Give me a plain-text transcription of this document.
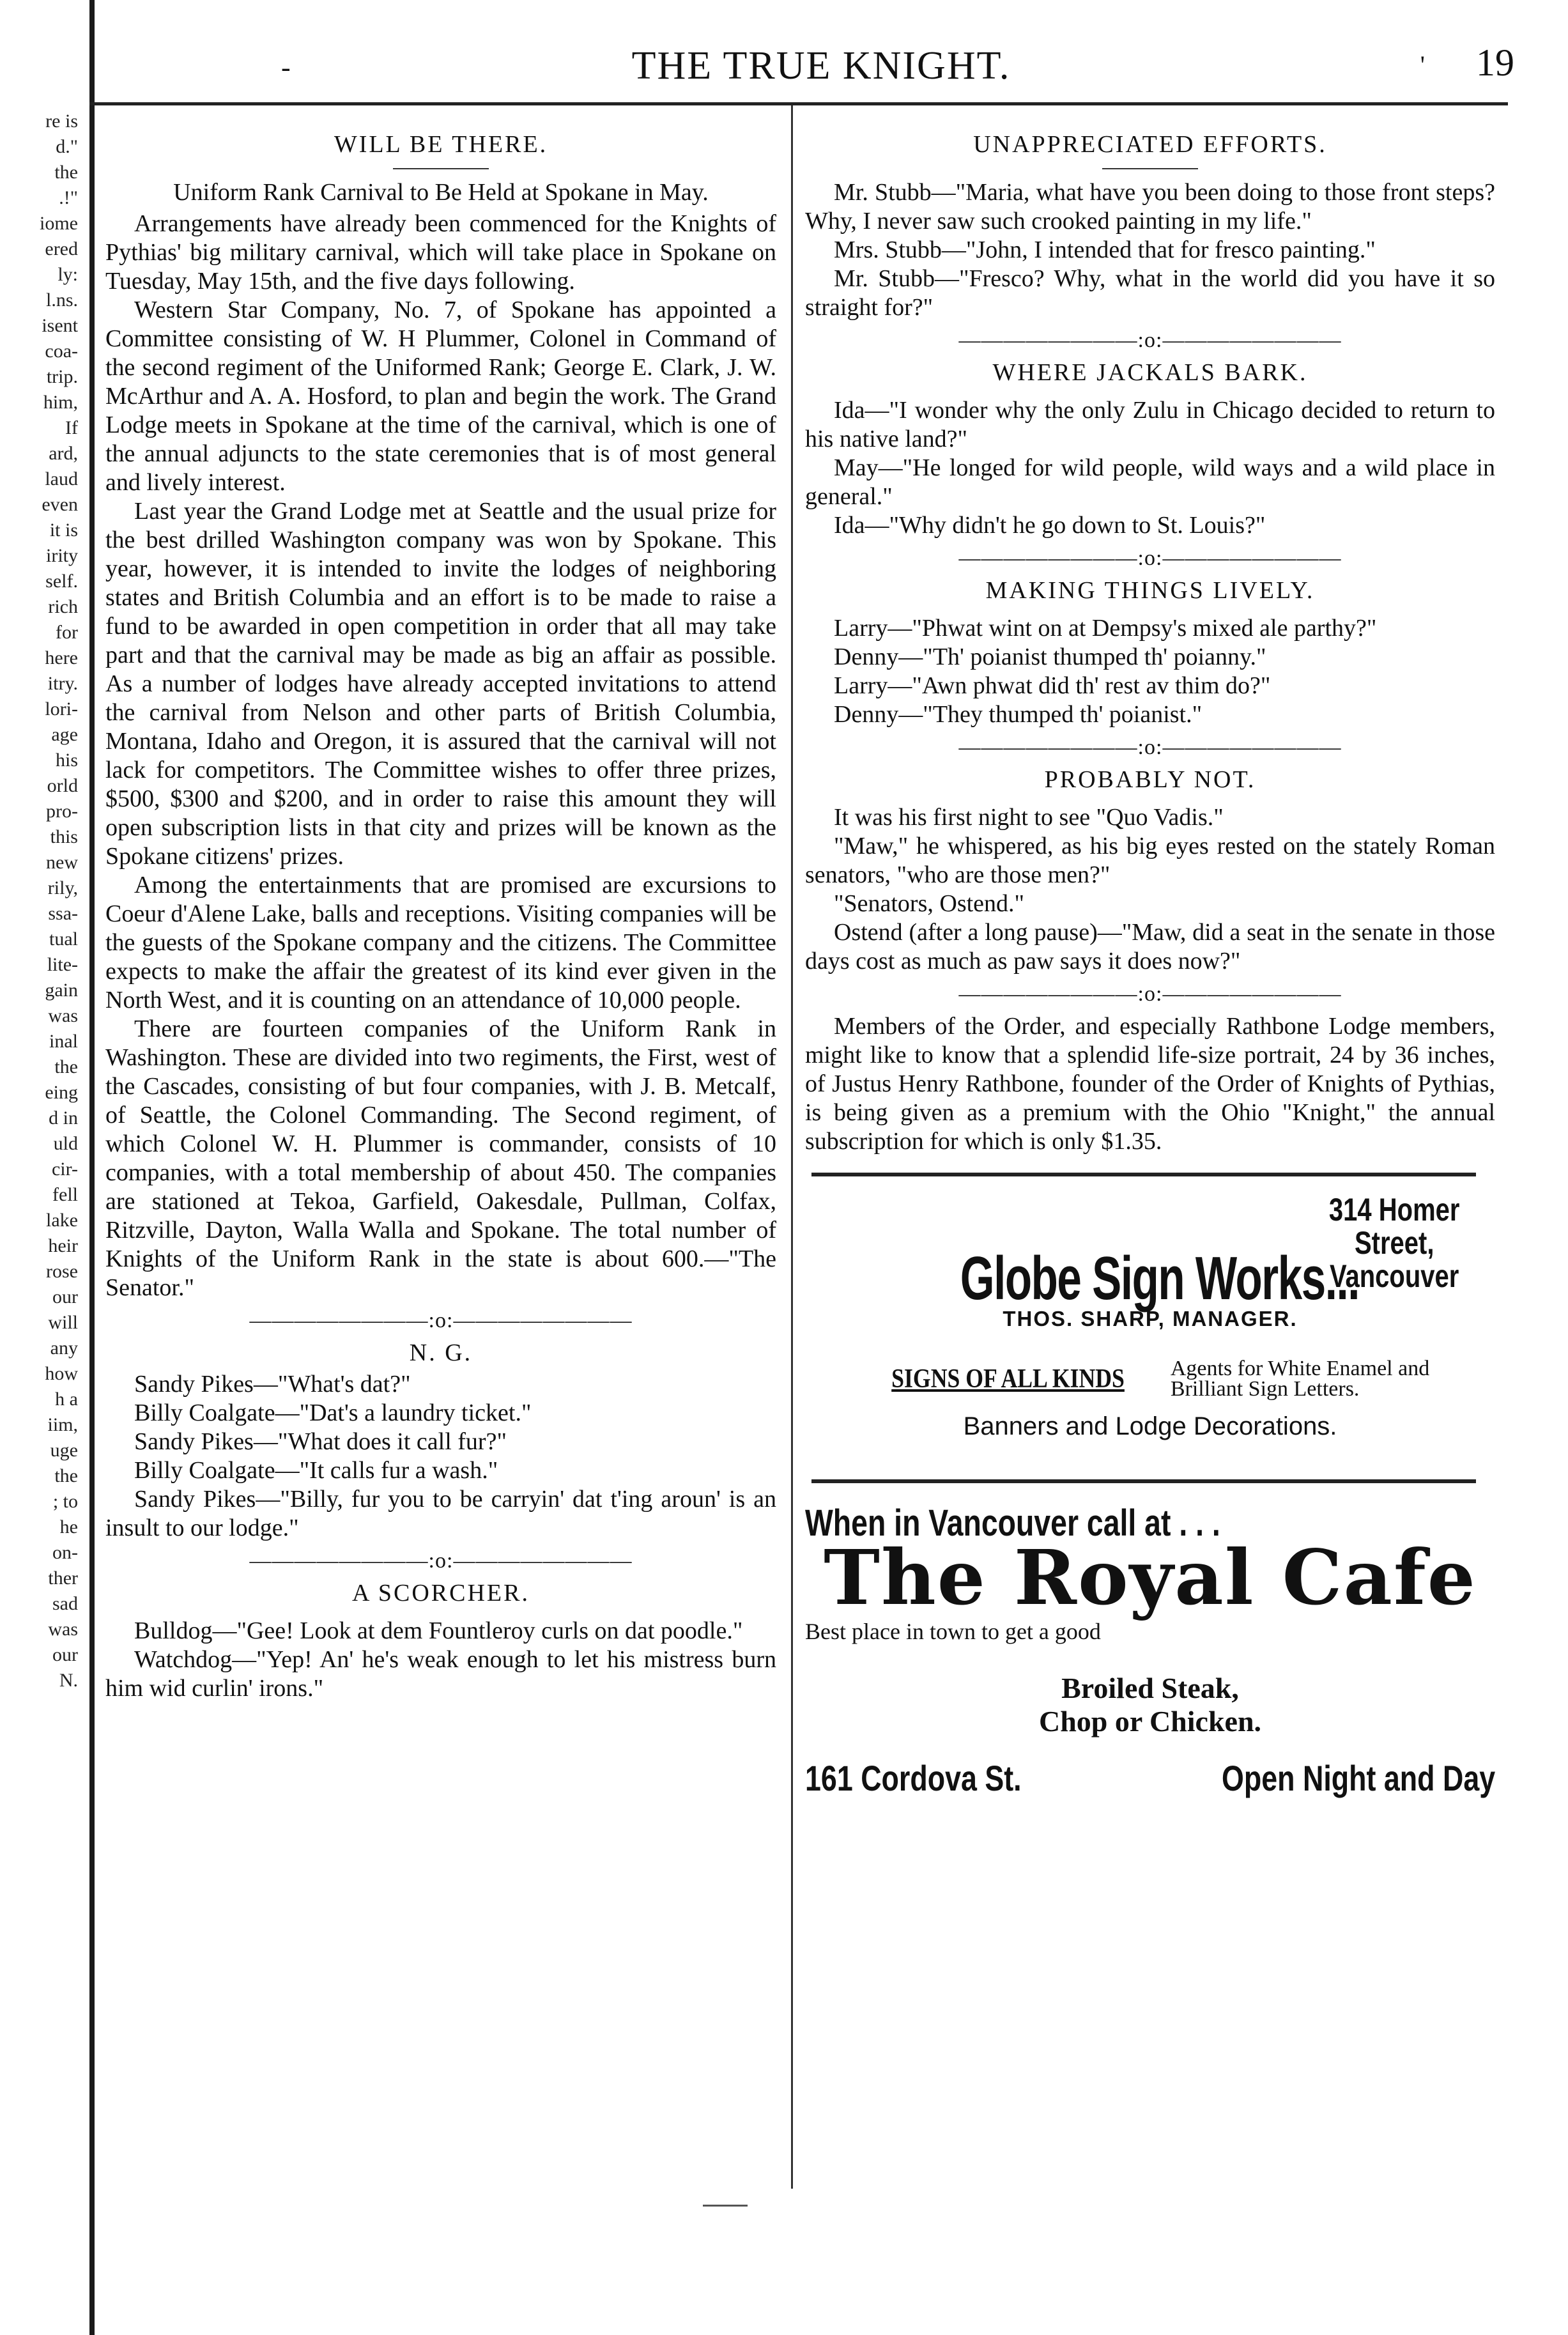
re is
d."
the
.!"
iome
ered
ly:
l.ns.
isent
coa-
trip.
him,
If
ard,
laud
even
it is
irity
self.
rich
for
here
itry.
lori-
age
his
orld
pro-
this
new
rily,
ssa-
tual
lite-
gain
was
inal
the
eing
d in
uld
cir-
fell
lake
heir
rose
our
will
any
how
h a
iim,
uge
the
; to
he
on-
ther
sad
was
our
N.
-	THE TRUE KNIGHT.	' 19
WILL BE THERE.
Uniform Rank Carnival to Be Held at Spokane in May.

Arrangements have already been commenced for the Knights of Pythias' big military carnival, which will take place in Spokane on Tuesday, May 15th, and the five days following.

Western Star Company, No. 7, of Spokane has appointed a Committee consisting of W. H Plummer, Colonel in Command of the second regiment of the Uniformed Rank; George E. Clark, J. W. McArthur and A. A. Hosford, to plan and begin the work. The Grand Lodge meets in Spokane at the time of the carnival, which is one of the annual adjuncts to the state ceremonies that is of most general and lively interest.

Last year the Grand Lodge met at Seattle and the usual prize for the best drilled Washington company was won by Spokane. This year, however, it is intended to invite the lodges of neighboring states and British Columbia and an effort is to be made to raise a fund to be awarded in open competition in order that all may take part and that the carnival may be made as big an affair as possible. As a number of lodges have already accepted invitations to attend the carnival from Nelson and other parts of British Columbia, Montana, Idaho and Oregon, it is assured that the carnival will not lack for competitors. The Committee wishes to offer three prizes, $500, $300 and $200, and in order to raise this amount they will open subscription lists in that city and prizes will be known as the Spokane citizens' prizes.

Among the entertainments that are promised are excursions to Coeur d'Alene Lake, balls and receptions. Visiting companies will be the guests of the Spokane company and the citizens. The Committee expects to make the affair the greatest of its kind ever given in the North West, and it is counting on an attendance of 10,000 people.

There are fourteen companies of the Uniform Rank in Washington. These are divided into two regiments, the First, west of the Cascades, consisting of but four companies, with J. B. Metcalf, of Seattle, the Colonel Commanding. The Second regiment, of which Colonel W. H. Plummer is commander, consists of 10 companies, with a total membership of about 450. The companies are stationed at Tekoa, Garfield, Oakesdale, Pullman, Colfax, Ritzville, Dayton, Walla Walla and Spokane. The total number of Knights of the Uniform Rank in the state is about 600.—"The Senator."

————————:o:————————
N. G.

Sandy Pikes—"What's dat?"

Billy Coalgate—"Dat's a laundry ticket."

Sandy Pikes—"What does it call fur?"

Billy Coalgate—"It calls fur a wash."

Sandy Pikes—"Billy, fur you to be carryin' dat t'ing aroun' is an insult to our lodge."

————————:o:————————
A SCORCHER.

Bulldog—"Gee! Look at dem Fountleroy curls on dat poodle."

Watchdog—"Yep! An' he's weak enough to let his mistress burn him wid curlin' irons."

UNAPPRECIATED EFFORTS.

Mr. Stubb—"Maria, what have you been doing to those front steps? Why, I never saw such crooked painting in my life."

Mrs. Stubb—"John, I intended that for fresco painting."

Mr. Stubb—"Fresco? Why, what in the world did you have it so straight for?"

————————:o:————————
WHERE JACKALS BARK.

Ida—"I wonder why the only Zulu in Chicago decided to return to his native land?"

May—"He longed for wild people, wild ways and a wild place in general."

Ida—"Why didn't he go down to St. Louis?"

————————:o:————————
MAKING THINGS LIVELY.

Larry—"Phwat wint on at Dempsy's mixed ale parthy?"

Denny—"Th' poianist thumped th' poianny."

Larry—"Awn phwat did th' rest av thim do?"

Denny—"They thumped th' poianist."

————————:o:————————
PROBABLY NOT.

It was his first night to see "Quo Vadis."

"Maw," he whispered, as his big eyes rested on the stately Roman senators, "who are those men?"

"Senators, Ostend."

Ostend (after a long pause)—"Maw, did a seat in the senate in those days cost as much as paw says it does now?"

————————:o:————————

Members of the Order, and especially Rathbone Lodge members, might like to know that a splendid life-size portrait, 24 by 36 inches, of Justus Henry Rathbone, founder of the Order of Knights of Pythias, is being given as a premium with the Ohio "Knight," the annual subscription for which is only $1.35.

Globe Sign Works...
314 Homer Street,
Vancouver
THOS. SHARP, MANAGER.
SIGNS OF ALL KINDS Agents for White Enamel and
Brilliant Sign Letters.
Banners and Lodge Decorations.
When in Vancouver call at . . .
The Royal Cafe
Best place in town to get a good
Broiled Steak,
Chop or Chicken.
161 Cordova St.	Open Night and Day
